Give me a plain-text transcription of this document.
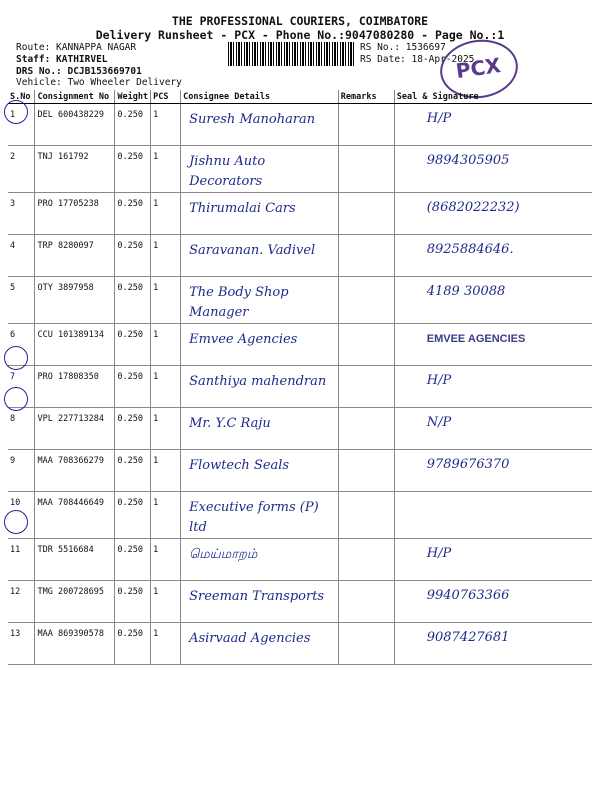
THE PROFESSIONAL COURIERS, COIMBATORE
Delivery Runsheet - PCX - Phone No.:9047080280 - Page No.:1
Route: KANNAPPA NAGAR
Staff: KATHIRVEL
DRS No.: DCJB153669701
Vehicle: Two Wheeler Delivery
RS No.: 1536697
RS Date: 18-Apr-2025
PCX
S.No	Consignment No	Weight	PCS	Consignee Details	Remarks	Seal & Signature
1	DEL 600438229	0.250	1	Suresh Manoharan		H/P

2	TNJ 161792	0.250	1	Jishnu Auto Decorators		9894305905

3	PRO 17705238	0.250	1	Thirumalai Cars		(8682022232)

4	TRP 8280097	0.250	1	Saravanan. Vadivel		8925884646.

5	OTY 3897958	0.250	1	The Body Shop Manager		4189 30088

6	CCU 101389134	0.250	1	Emvee Agencies		EMVEE AGENCIES

7	PRO 17808350	0.250	1	Santhiya mahendran		H/P

8	VPL 227713284	0.250	1	Mr. Y.C Raju		N/P

9	MAA 708366279	0.250	1	Flowtech Seals		9789676370

10	MAA 708446649	0.250	1	Executive forms (P) ltd		

11	TDR 5516684	0.250	1	மெய்மாறம்		H/P

12	TMG 200728695	0.250	1	Sreeman Transports		9940763366

13	MAA 869390578	0.250	1	Asirvaad Agencies		9087427681
